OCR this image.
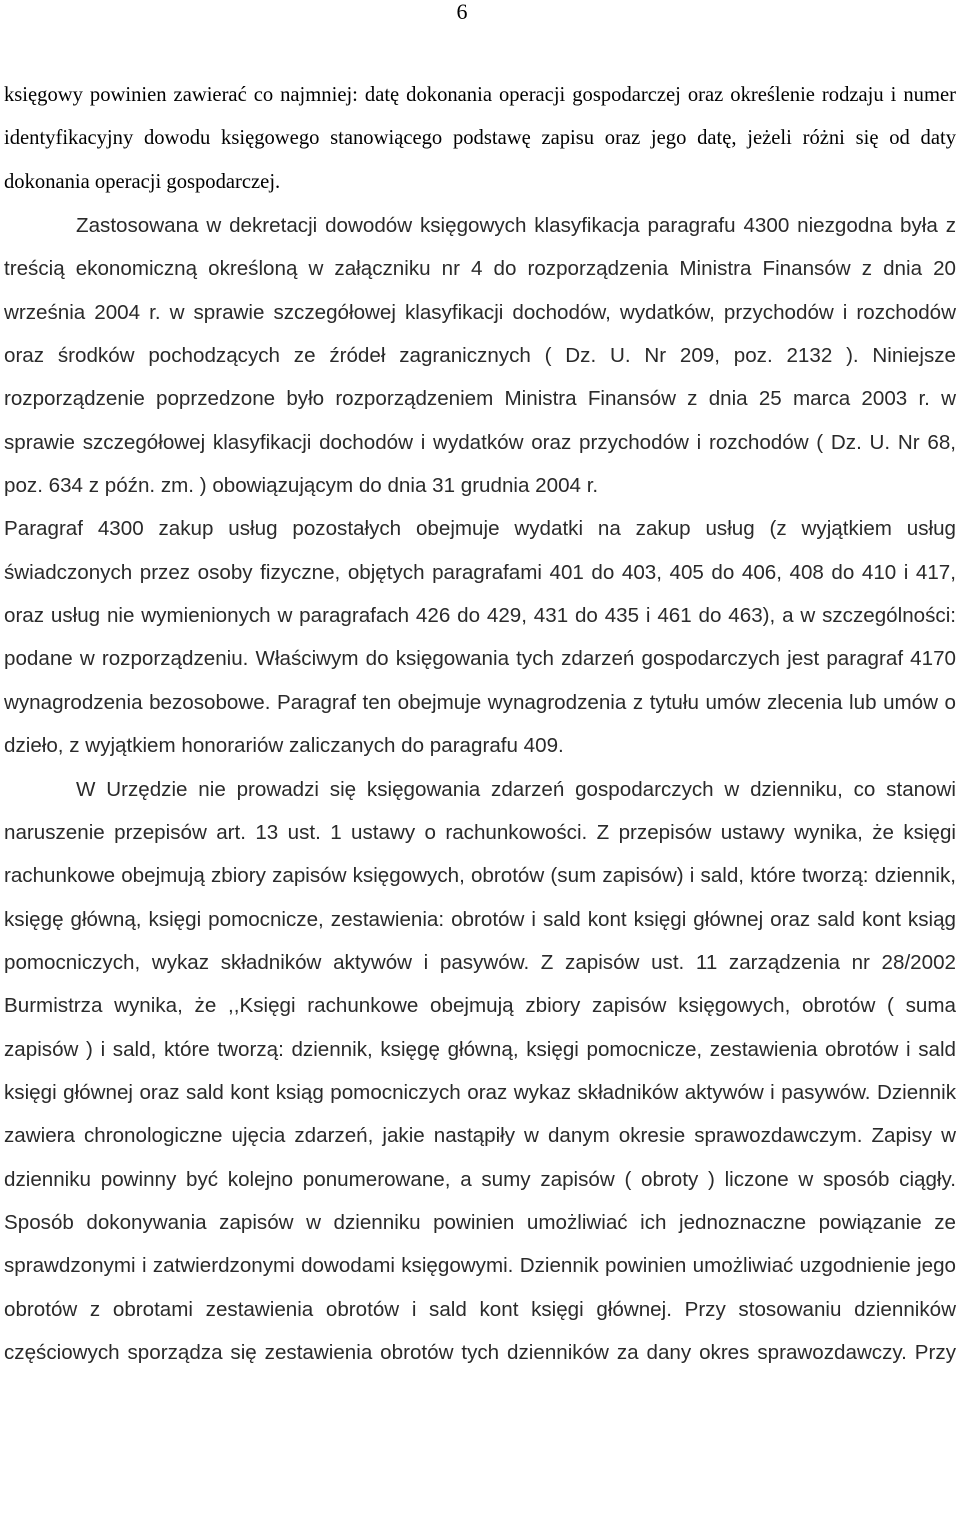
6

księgowy powinien zawierać co najmniej: datę dokonania operacji gospodarczej oraz określenie rodzaju i numer identyfikacyjny dowodu księgowego stanowiącego podstawę zapisu oraz jego datę, jeżeli różni się od daty dokonania operacji gospodarczej.

Zastosowana w dekretacji dowodów księgowych klasyfikacja paragrafu 4300 niezgodna była z treścią ekonomiczną określoną w załączniku nr 4 do rozporządzenia Ministra Finansów z dnia 20 września 2004 r. w sprawie szczegółowej klasyfikacji dochodów, wydatków, przychodów i rozchodów oraz środków pochodzących ze źródeł zagranicznych ( Dz. U. Nr 209, poz. 2132 ). Niniejsze rozporządzenie poprzedzone było rozporządzeniem Ministra Finansów z dnia 25 marca 2003 r. w sprawie szczegółowej klasyfikacji dochodów i wydatków oraz przychodów i rozchodów ( Dz. U. Nr 68, poz. 634 z późn. zm. ) obowiązującym do dnia 31 grudnia 2004 r.

Paragraf 4300 zakup usług pozostałych obejmuje wydatki na zakup usług (z wyjątkiem usług świadczonych przez osoby fizyczne, objętych paragrafami 401 do 403, 405 do 406, 408 do 410 i 417, oraz usług nie wymienionych w paragrafach 426 do 429, 431 do 435 i 461 do 463), a w szczególności: podane w rozporządzeniu. Właściwym do księgowania tych zdarzeń gospodarczych jest paragraf 4170 wynagrodzenia bezosobowe. Paragraf ten obejmuje wynagrodzenia z tytułu umów zlecenia lub umów o dzieło, z wyjątkiem honorariów zaliczanych do paragrafu 409.

W Urzędzie nie prowadzi się księgowania zdarzeń gospodarczych w dzienniku, co stanowi naruszenie przepisów art. 13 ust. 1 ustawy o rachunkowości. Z przepisów ustawy wynika, że księgi rachunkowe obejmują zbiory zapisów księgowych, obrotów (sum zapisów) i sald, które tworzą: dziennik, księgę główną, księgi pomocnicze, zestawienia: obrotów i sald kont księgi głównej oraz sald kont ksiąg pomocniczych, wykaz składników aktywów i pasywów. Z zapisów ust. 11 zarządzenia nr 28/2002 Burmistrza wynika, że ,,Księgi rachunkowe obejmują zbiory zapisów księgowych, obrotów ( suma zapisów ) i sald, które tworzą: dziennik, księgę główną, księgi pomocnicze, zestawienia obrotów i sald księgi głównej oraz sald kont ksiąg pomocniczych oraz wykaz składników aktywów i pasywów. Dziennik zawiera chronologiczne ujęcia zdarzeń, jakie nastąpiły w danym okresie sprawozdawczym. Zapisy w dzienniku powinny być kolejno ponumerowane, a sumy zapisów ( obroty ) liczone w sposób ciągły. Sposób dokonywania zapisów w dzienniku powinien umożliwiać ich jednoznaczne powiązanie ze sprawdzonymi i zatwierdzonymi dowodami księgowymi. Dziennik powinien umożliwiać uzgodnienie jego obrotów z obrotami zestawienia obrotów i sald kont księgi głównej. Przy stosowaniu dzienników częściowych sporządza się zestawienia obrotów tych dzienników za dany okres sprawozdawczy. Przy
